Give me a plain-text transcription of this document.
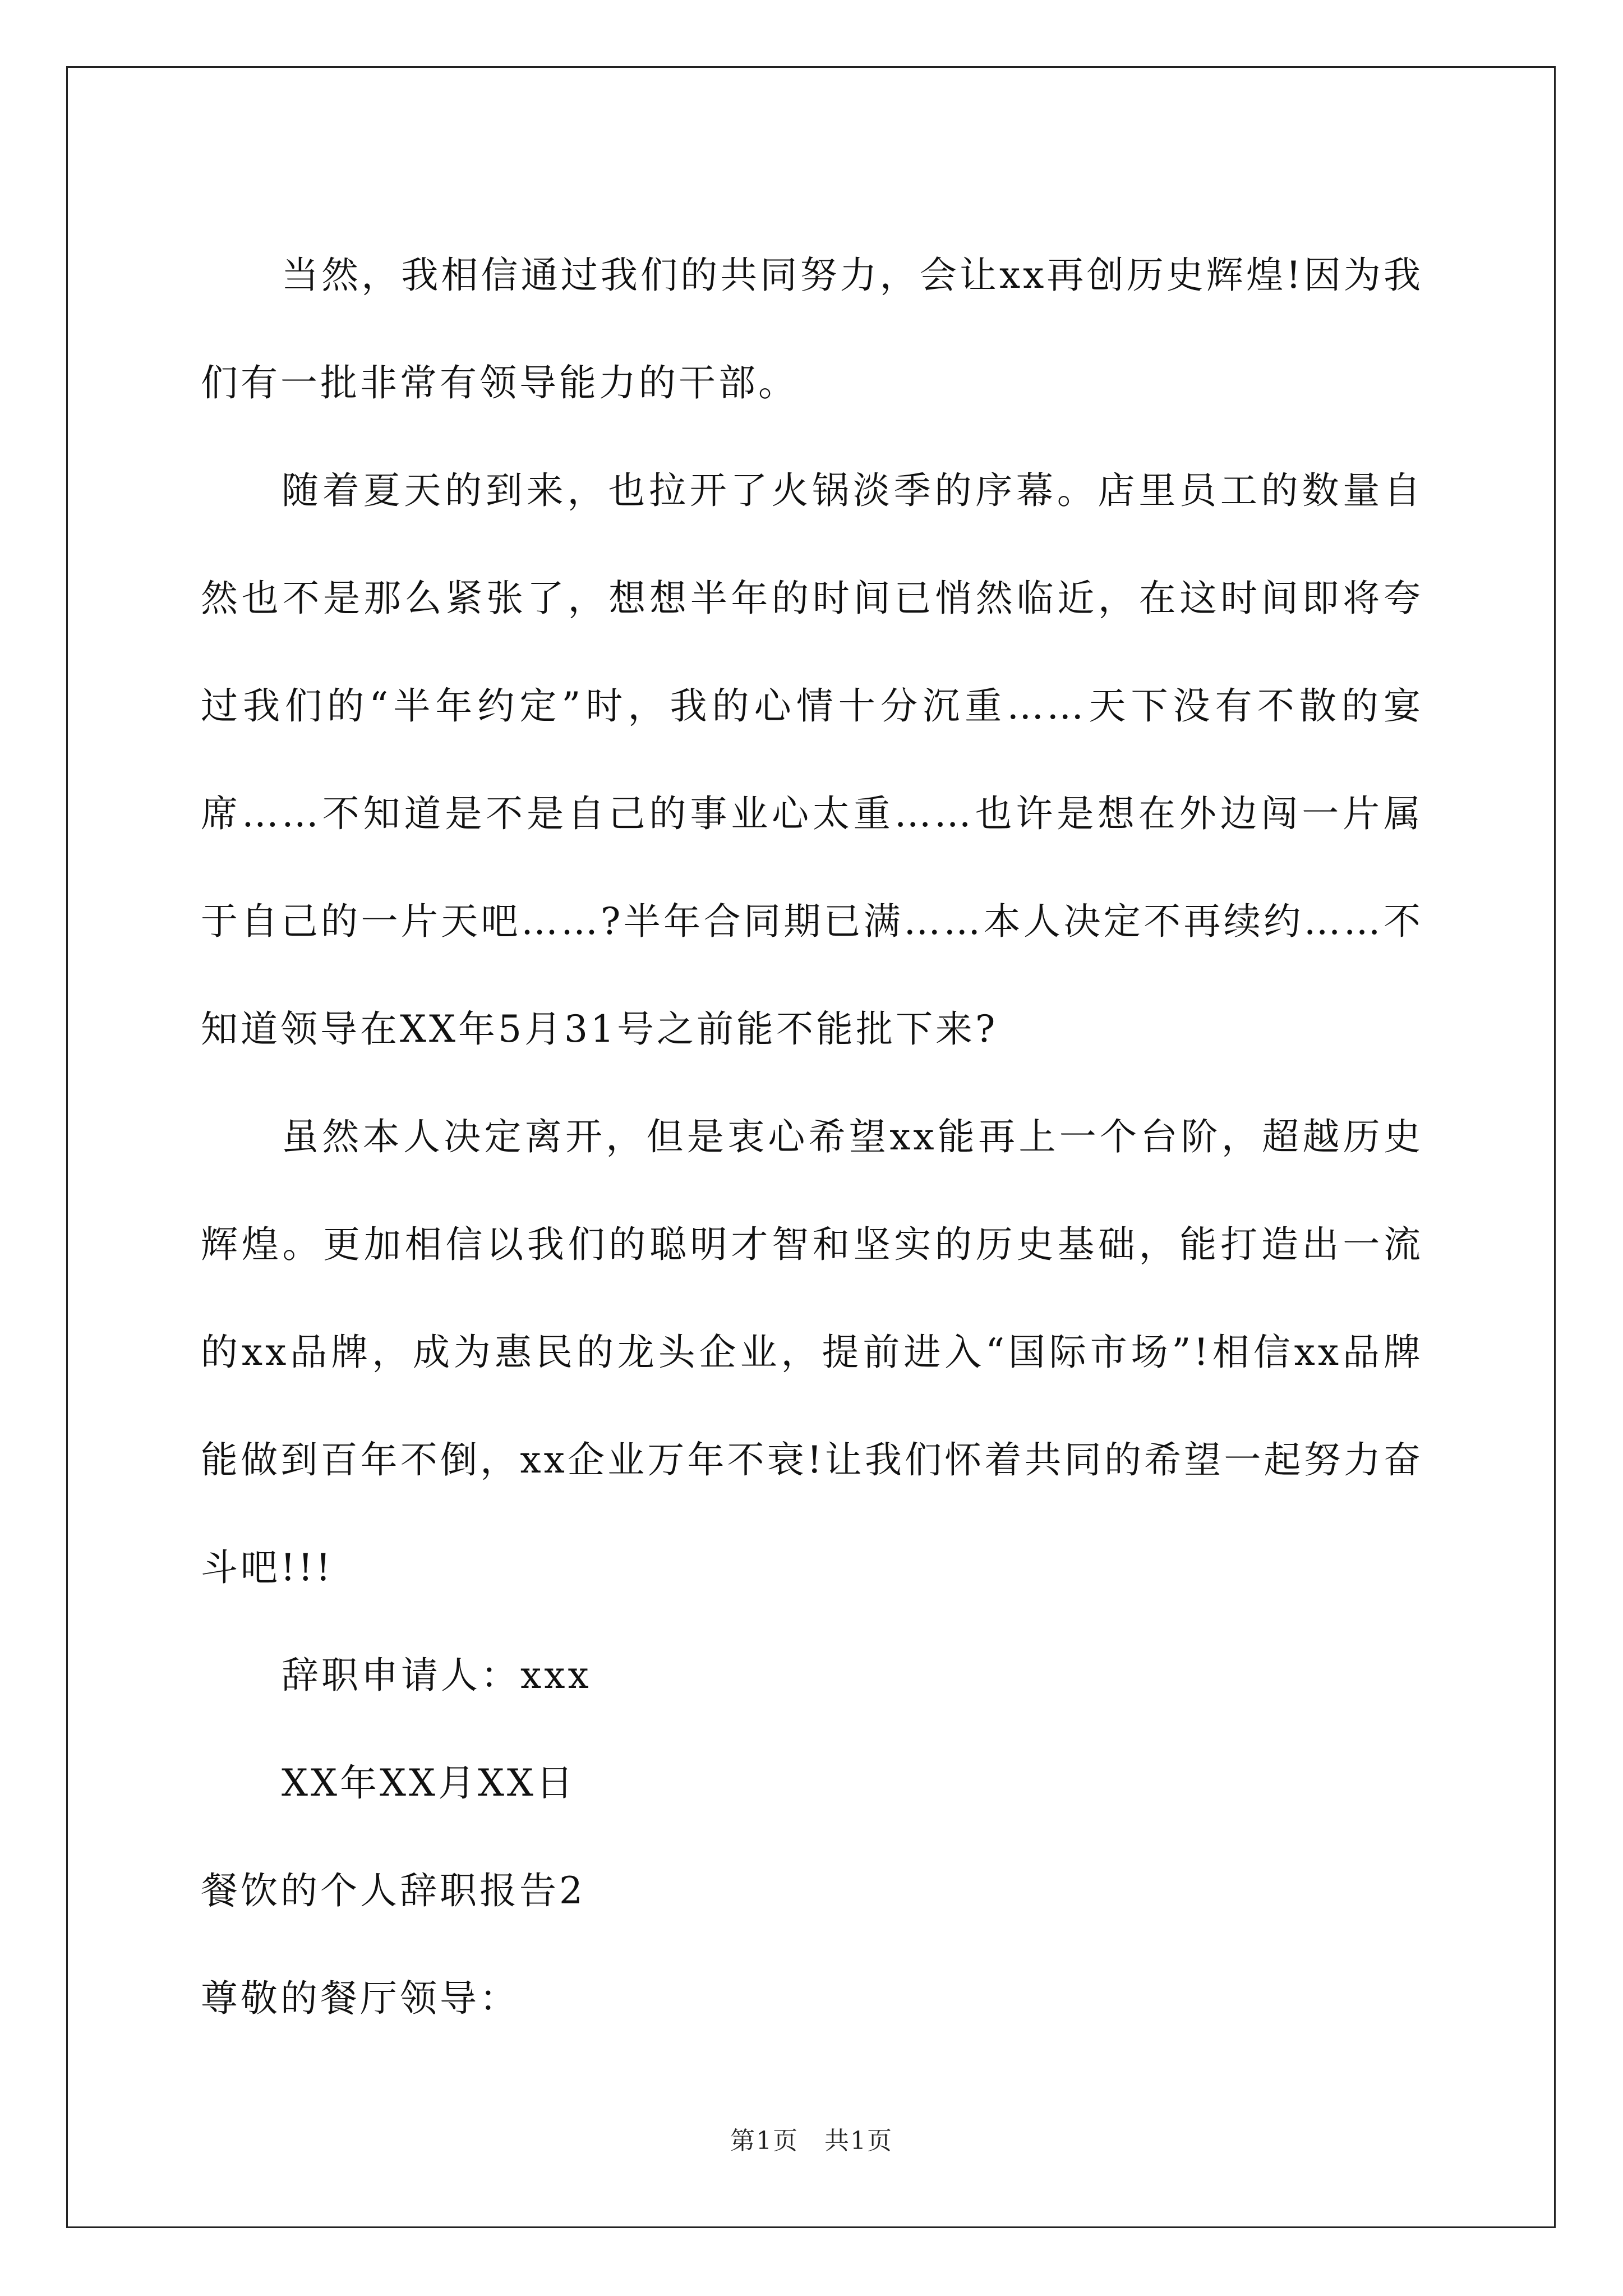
当然，我相信通过我们的共同努力，会让xx再创历史辉煌!因为我们有一批非常有领导能力的干部。

随着夏天的到来，也拉开了火锅淡季的序幕。店里员工的数量自然也不是那么紧张了，想想半年的时间已悄然临近，在这时间即将夸过我们的“半年约定”时，我的心情十分沉重……天下没有不散的宴席……不知道是不是自己的事业心太重……也许是想在外边闯一片属于自己的一片天吧……?半年合同期已满……本人决定不再续约……不知道领导在XX年5月31号之前能不能批下来?

虽然本人决定离开，但是衷心希望xx能再上一个台阶，超越历史辉煌。更加相信以我们的聪明才智和坚实的历史基础，能打造出一流的xx品牌，成为惠民的龙头企业，提前进入“国际市场”!相信xx品牌能做到百年不倒，xx企业万年不衰!让我们怀着共同的希望一起努力奋斗吧!!!

辞职申请人：xxx

XX年XX月XX日

餐饮的个人辞职报告2

尊敬的餐厅领导：

第1页　共1页
